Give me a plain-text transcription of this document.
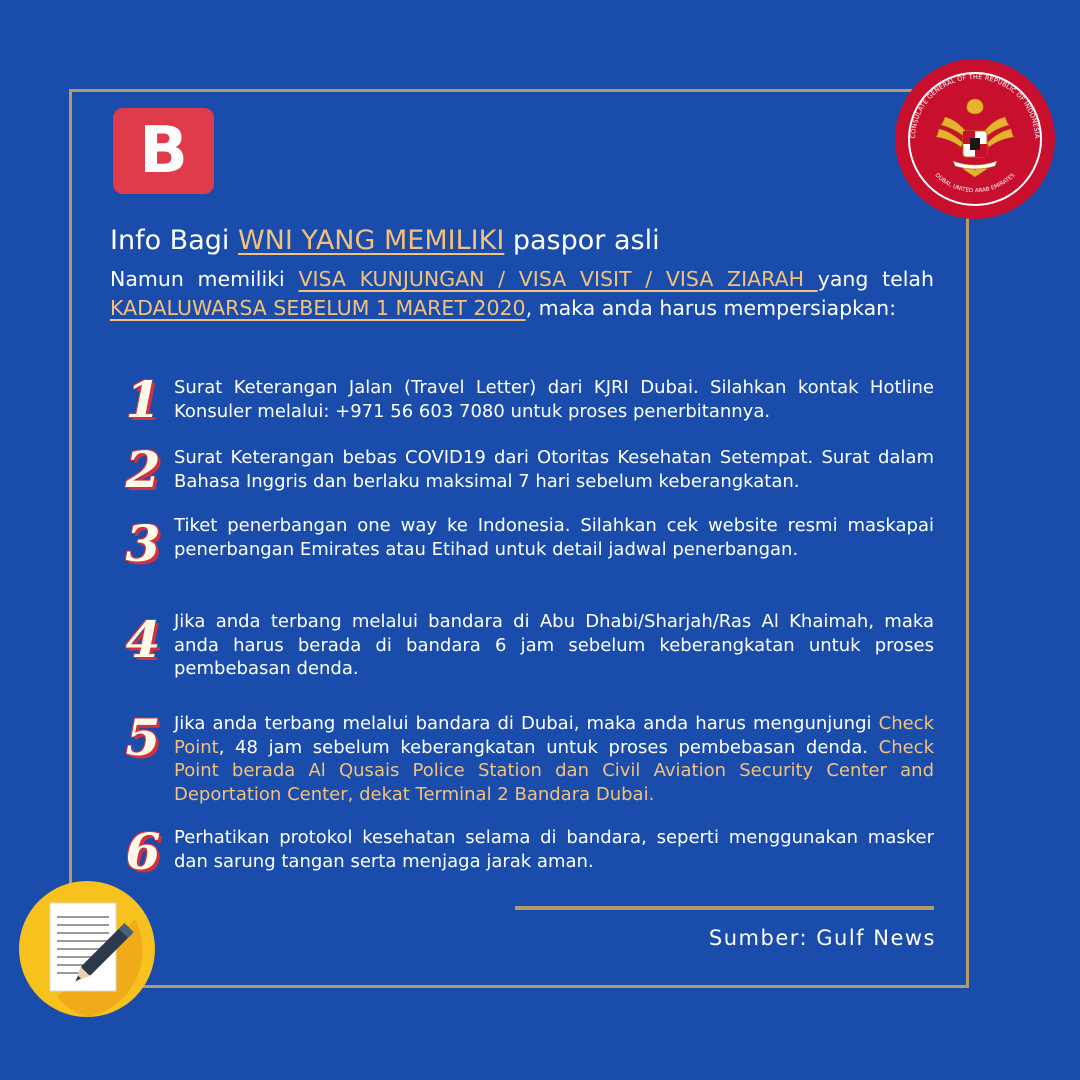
B	CONSULATE GENERAL OF THE REPUBLIC OF INDONESIA
DUBAI, UNITED ARAB EMIRATES
Info Bagi WNI YANG MEMILIKI paspor asli
Namun memiliki VISA KUNJUNGAN / VISA VISIT / VISA ZIARAH yang telah KADALUWARSA SEBELUM 1 MARET 2020, maka anda harus mempersiapkan:
1 Surat Keterangan Jalan (Travel Letter) dari KJRI Dubai. Silahkan kontak Hotline Konsuler melalui: +971 56 603 7080 untuk proses penerbitannya.
2 Surat Keterangan bebas COVID19 dari Otoritas Kesehatan Setempat. Surat dalam Bahasa Inggris dan berlaku maksimal 7 hari sebelum keberangkatan.
3 Tiket penerbangan one way ke Indonesia. Silahkan cek website resmi maskapai penerbangan Emirates atau Etihad untuk detail jadwal penerbangan.
4 Jika anda terbang melalui bandara di Abu Dhabi/Sharjah/Ras Al Khaimah, maka anda harus berada di bandara 6 jam sebelum keberangkatan untuk proses pembebasan denda.
5 Jika anda terbang melalui bandara di Dubai, maka anda harus mengunjungi Check Point, 48 jam sebelum keberangkatan untuk proses pembebasan denda. Check Point berada Al Qusais Police Station dan Civil Aviation Security Center and Deportation Center, dekat Terminal 2 Bandara Dubai.
6 Perhatikan protokol kesehatan selama di bandara, seperti menggunakan masker dan sarung tangan serta menjaga jarak aman.
Sumber: Gulf News
